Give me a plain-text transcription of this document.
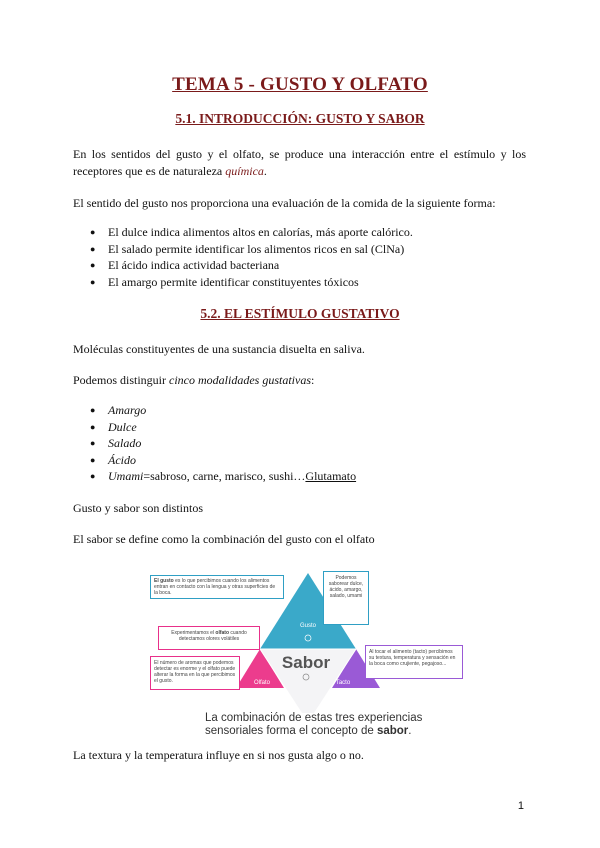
TEMA 5 - GUSTO Y OLFATO
5.1. INTRODUCCIÓN: GUSTO Y SABOR
En los sentidos del gusto y el olfato, se produce una interacción entre el estímulo y los receptores que es de naturaleza química.
El sentido del gusto nos proporciona una evaluación de la comida de la siguiente forma:
● El dulce indica alimentos altos en calorías, más aporte calórico.
● El salado permite identificar los alimentos ricos en sal (ClNa)
● El ácido indica actividad bacteriana
● El amargo permite identificar constituyentes tóxicos
5.2. EL ESTÍMULO GUSTATIVO
Moléculas constituyentes de una sustancia disuelta en saliva.
Podemos distinguir cinco modalidades gustativas:
● Amargo
● Dulce
● Salado
● Ácido
● Umami=sabroso, carne, marisco, sushi…Glutamato
Gusto y sabor son distintos
El sabor se define como la combinación del gusto con el olfato
Gusto
Olfato	Tacto
Sabor
El gusto es lo que percibimos cuando los alimentos entran en contacto con la lengua y otras superficies de la boca.
Podemos saborear dulce, ácido, amargo, salado, umami
Experimentamos el olfato cuando detectamos olores volátiles
El número de aromas que podemos detectar es enorme y el olfato puede alterar la forma en la que percibimos el gusto.
Al tocar el alimento (tacto) percibimos su textura, temperatura y sensación en la boca como crujiente, pegajoso...
La combinación de estas tres experiencias sensoriales forma el concepto de sabor.
La textura y la temperatura influye en si nos gusta algo o no.
1
